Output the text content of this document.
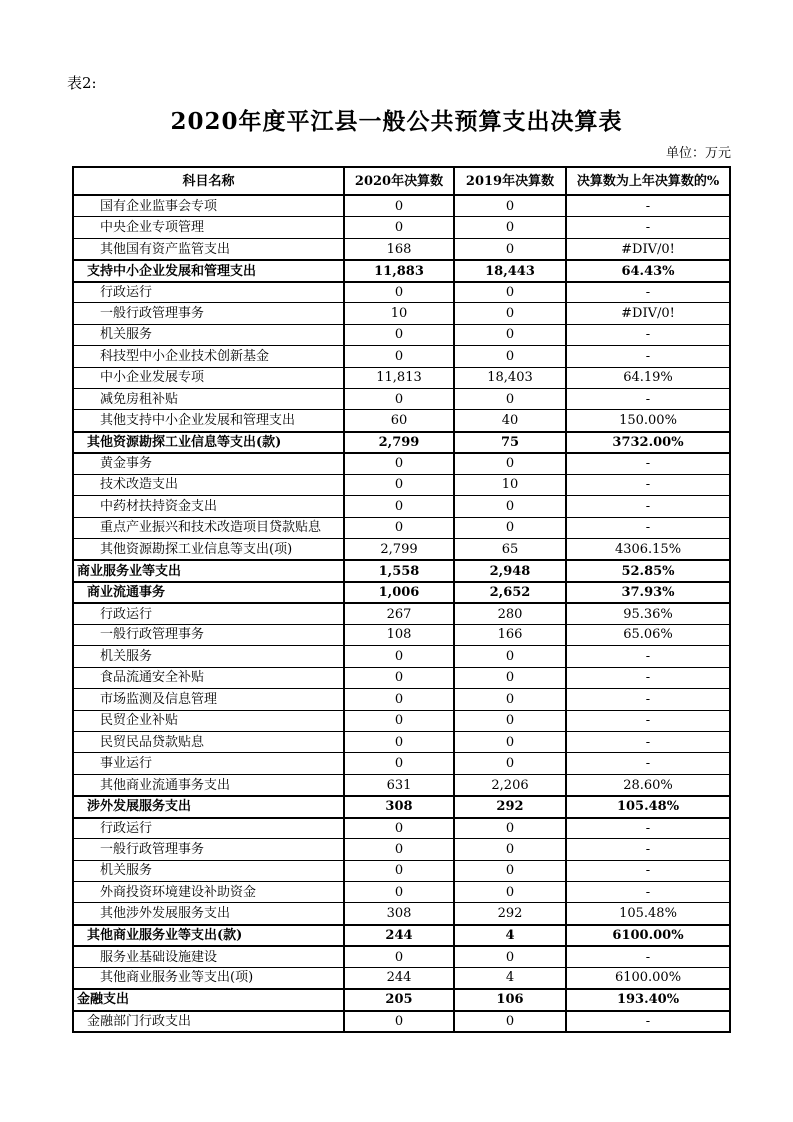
表2:
2020年度平江县一般公共预算支出决算表
单位：万元
科目名称	2020年决算数	2019年决算数	决算数为上年决算数的%
国有企业监事会专项	0	0	-
中央企业专项管理	0	0	-
其他国有资产监管支出	168	0	#DIV/0!
支持中小企业发展和管理支出	11,883	18,443	64.43%
行政运行	0	0	-
一般行政管理事务	10	0	#DIV/0!
机关服务	0	0	-
科技型中小企业技术创新基金	0	0	-
中小企业发展专项	11,813	18,403	64.19%
减免房租补贴	0	0	-
其他支持中小企业发展和管理支出	60	40	150.00%
其他资源勘探工业信息等支出(款)	2,799	75	3732.00%
黄金事务	0	0	-
技术改造支出	0	10	-
中药材扶持资金支出	0	0	-
重点产业振兴和技术改造项目贷款贴息	0	0	-
其他资源勘探工业信息等支出(项)	2,799	65	4306.15%
商业服务业等支出	1,558	2,948	52.85%
商业流通事务	1,006	2,652	37.93%
行政运行	267	280	95.36%
一般行政管理事务	108	166	65.06%
机关服务	0	0	-
食品流通安全补贴	0	0	-
市场监测及信息管理	0	0	-
民贸企业补贴	0	0	-
民贸民品贷款贴息	0	0	-
事业运行	0	0	-
其他商业流通事务支出	631	2,206	28.60%
涉外发展服务支出	308	292	105.48%
行政运行	0	0	-
一般行政管理事务	0	0	-
机关服务	0	0	-
外商投资环境建设补助资金	0	0	-
其他涉外发展服务支出	308	292	105.48%
其他商业服务业等支出(款)	244	4	6100.00%
服务业基础设施建设	0	0	-
其他商业服务业等支出(项)	244	4	6100.00%
金融支出	205	106	193.40%
金融部门行政支出	0	0	-
